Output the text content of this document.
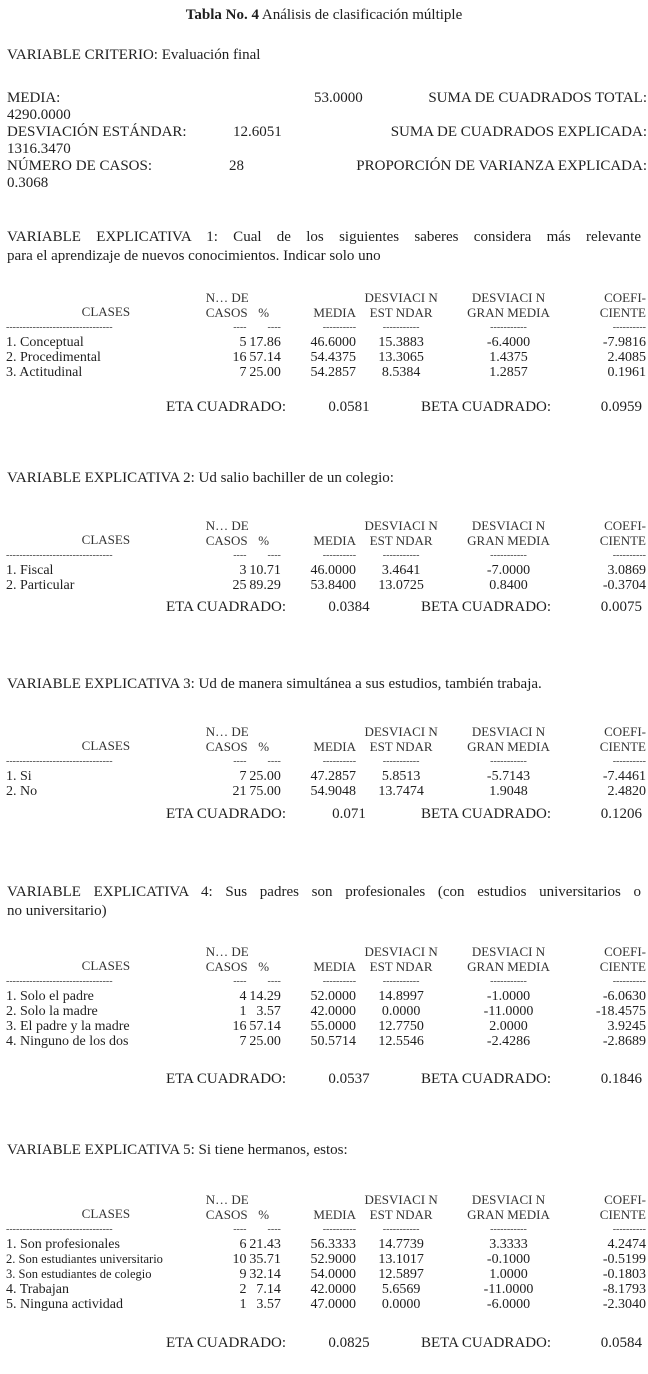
Tabla No. 4 Análisis de clasificación múltiple
VARIABLE CRITERIO: Evaluación final
MEDIA:	53.0000	SUMA DE CUADRADOS TOTAL:
4290.0000
DESVIACIÓN ESTÁNDAR:	12.6051	SUMA DE CUADRADOS EXPLICADA:
1316.3470
NÚMERO DE CASOS:	28	PROPORCIÓN DE VARIANZA EXPLICADA:
0.3068
VARIABLE EXPLICATIVA 1: Cual de los siguientes saberes considera más relevante
para el aprendizaje de nuevos conocimientos. Indicar solo uno
CLASES	N… DE
CASOS	%	MEDIA	DESVIACI N
EST NDAR	DESVIACI N
GRAN MEDIA	COEFI-
CIENTE
--------------------------------	----	----	----------	-----------	-----------	----------
1. Conceptual	5	17.86	46.6000	15.3883	-6.4000	-7.9816
2. Procedimental	16	57.14	54.4375	13.3065	1.4375	2.4085
3. Actitudinal	7	25.00	54.2857	8.5384	1.2857	0.1961
ETA CUADRADO:	0.0581	BETA CUADRADO:	0.0959
VARIABLE EXPLICATIVA 2: Ud salio bachiller de un colegio:
CLASES	N… DE
CASOS	%	MEDIA	DESVIACI N
EST NDAR	DESVIACI N
GRAN MEDIA	COEFI-
CIENTE
--------------------------------	----	----	----------	-----------	-----------	----------
1. Fiscal	3	10.71	46.0000	3.4641	-7.0000	3.0869
2. Particular	25	89.29	53.8400	13.0725	0.8400	-0.3704
ETA CUADRADO:	0.0384	BETA CUADRADO:	0.0075
VARIABLE EXPLICATIVA 3: Ud de manera simultánea a sus estudios, también trabaja.
CLASES	N… DE
CASOS	%	MEDIA	DESVIACI N
EST NDAR	DESVIACI N
GRAN MEDIA	COEFI-
CIENTE
--------------------------------	----	----	----------	-----------	-----------	----------
1. Si	7	25.00	47.2857	5.8513	-5.7143	-7.4461
2. No	21	75.00	54.9048	13.7474	1.9048	2.4820
ETA CUADRADO:	0.071	BETA CUADRADO:	0.1206
VARIABLE EXPLICATIVA 4: Sus padres son profesionales (con estudios universitarios o
no universitario)
CLASES	N… DE
CASOS	%	MEDIA	DESVIACI N
EST NDAR	DESVIACI N
GRAN MEDIA	COEFI-
CIENTE
--------------------------------	----	----	----------	-----------	-----------	----------
1. Solo el padre	4	14.29	52.0000	14.8997	-1.0000	-6.0630
2. Solo la madre	1	3.57	42.0000	0.0000	-11.0000	-18.4575
3. El padre y la madre	16	57.14	55.0000	12.7750	2.0000	3.9245
4. Ninguno de los dos	7	25.00	50.5714	12.5546	-2.4286	-2.8689
ETA CUADRADO:	0.0537	BETA CUADRADO:	0.1846
VARIABLE EXPLICATIVA 5: Si tiene hermanos, estos:
CLASES	N… DE
CASOS	%	MEDIA	DESVIACI N
EST NDAR	DESVIACI N
GRAN MEDIA	COEFI-
CIENTE
--------------------------------	----	----	----------	-----------	-----------	----------
1. Son profesionales	6	21.43	56.3333	14.7739	3.3333	4.2474
2. Son estudiantes universitario	10	35.71	52.9000	13.1017	-0.1000	-0.5199
3. Son estudiantes de colegio	9	32.14	54.0000	12.5897	1.0000	-0.1803
4. Trabajan	2	7.14	42.0000	5.6569	-11.0000	-8.1793
5. Ninguna actividad	1	3.57	47.0000	0.0000	-6.0000	-2.3040
ETA CUADRADO:	0.0825	BETA CUADRADO:	0.0584
